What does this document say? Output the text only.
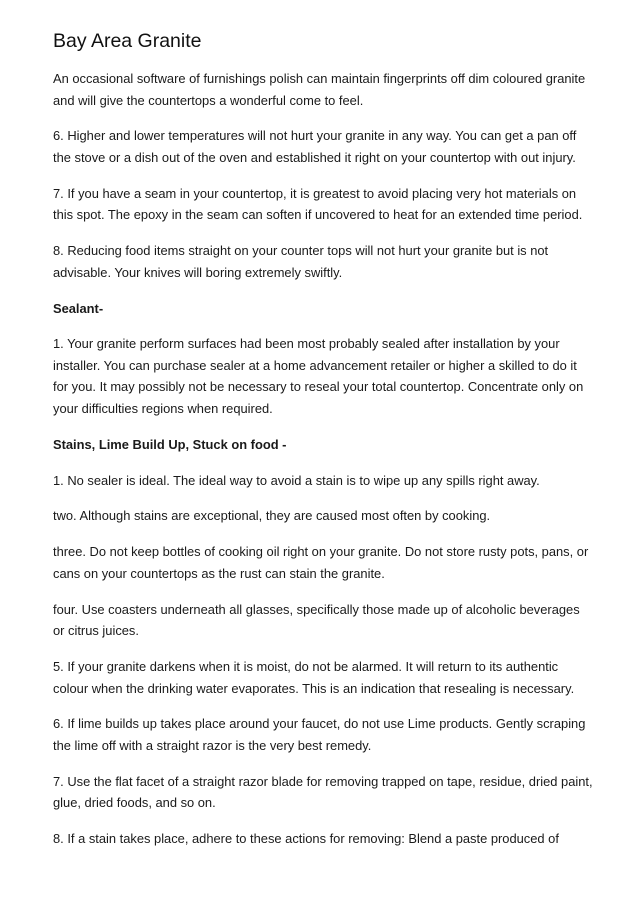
Bay Area Granite

An occasional software of furnishings polish can maintain fingerprints off dim coloured granite and will give the countertops a wonderful come to feel.

6. Higher and lower temperatures will not hurt your granite in any way. You can get a pan off the stove or a dish out of the oven and established it right on your countertop with out injury.

7. If you have a seam in your countertop, it is greatest to avoid placing very hot materials on this spot. The epoxy in the seam can soften if uncovered to heat for an extended time period.

8. Reducing food items straight on your counter tops will not hurt your granite but is not advisable. Your knives will boring extremely swiftly.

Sealant-

1. Your granite perform surfaces had been most probably sealed after installation by your installer. You can purchase sealer at a home advancement retailer or higher a skilled to do it for you. It may possibly not be necessary to reseal your total countertop. Concentrate only on your difficulties regions when required.

Stains, Lime Build Up, Stuck on food -

1. No sealer is ideal. The ideal way to avoid a stain is to wipe up any spills right away.

two. Although stains are exceptional, they are caused most often by cooking.

three. Do not keep bottles of cooking oil right on your granite. Do not store rusty pots, pans, or cans on your countertops as the rust can stain the granite.

four. Use coasters underneath all glasses, specifically those made up of alcoholic beverages or citrus juices.

5. If your granite darkens when it is moist, do not be alarmed. It will return to its authentic colour when the drinking water evaporates. This is an indication that resealing is necessary.

6. If lime builds up takes place around your faucet, do not use Lime products. Gently scraping the lime off with a straight razor is the very best remedy.

7. Use the flat facet of a straight razor blade for removing trapped on tape, residue, dried paint, glue, dried foods, and so on.

8. If a stain takes place, adhere to these actions for removing: Blend a paste produced of
